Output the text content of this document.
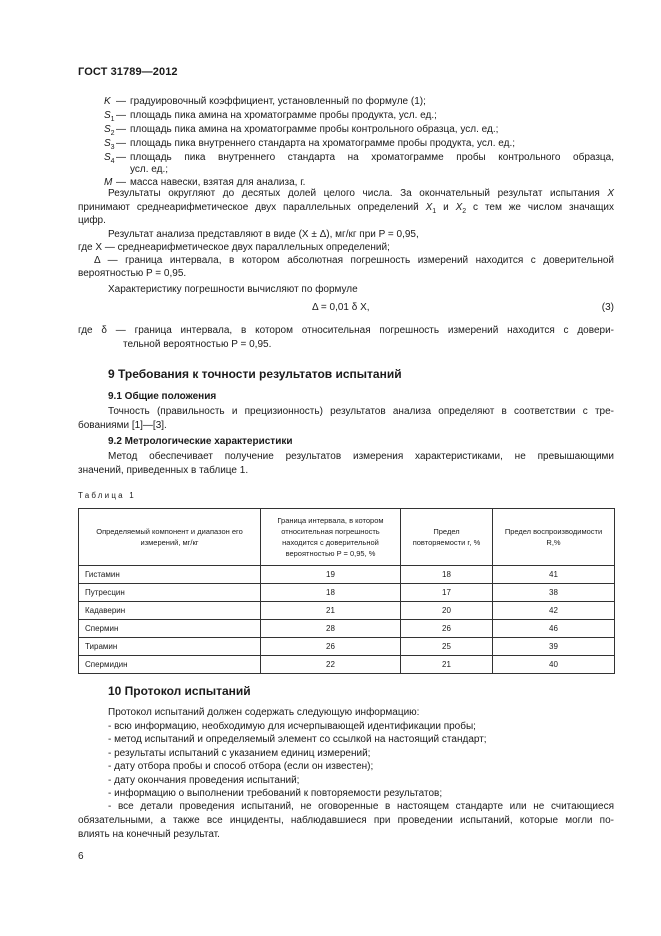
ГОСТ 31789—2012
K — градуировочный коэффициент, установленный по формуле (1);
$S_1$ — площадь пика амина на хроматограмме пробы продукта, усл. ед.;
$S_2$ — площадь пика амина на хроматограмме пробы контрольного образца, усл. ед.;
$S_3$ — площадь пика внутреннего стандарта на хроматограмме пробы продукта, усл. ед.;
$S_4$ — площадь пика внутреннего стандарта на хроматограмме пробы контрольного образца,
усл. ед.;
M — масса навески, взятая для анализа, г.
Результаты округляют до десятых долей целого числа. За окончательный результат испытания X
принимают среднеарифметическое двух параллельных определений $X_1$ и $X_2$ с тем же числом значащих
цифр.
Результат анализа представляют в виде (X ± Δ), мг/кг при P = 0,95,
где X — среднеарифметическое двух параллельных определений;
Δ — граница интервала, в котором абсолютная погрешность измерений находится с доверительной
вероятностью P = 0,95.
Характеристику погрешности вычисляют по формуле
Δ = 0,01 δ X,	(3)
где δ — граница интервала, в котором относительная погрешность измерений находится с довери-
тельной вероятностью P = 0,95.
9 Требования к точности результатов испытаний
9.1 Общие положения
Точность (правильность и прецизионность) результатов анализа определяют в соответствии с тре-
бованиями [1]—[3].
9.2 Метрологические характеристики
Метод обеспечивает получение результатов измерения характеристиками, не превышающими
значений, приведенных в таблице 1.
Таблица 1
Определяемый компонент и диапазон его измерений, мг/кг	Граница интервала, в котором относительная погрешность находится с доверительной вероятностью P = 0,95, %	Предел повторяемости r, %	Предел воспроизводимости R,%
Гистамин	19	18	41
Путресцин	18	17	38
Кадаверин	21	20	42
Спермин	28	26	46
Тирамин	26	25	39
Спермидин	22	21	40
10 Протокол испытаний
Протокол испытаний должен содержать следующую информацию:
- всю информацию, необходимую для исчерпывающей идентификации пробы;
- метод испытаний и определяемый элемент со ссылкой на настоящий стандарт;
- результаты испытаний с указанием единиц измерений;
- дату отбора пробы и способ отбора (если он известен);
- дату окончания проведения испытаний;
- информацию о выполнении требований к повторяемости результатов;
- все детали проведения испытаний, не оговоренные в настоящем стандарте или не считающиеся
обязательными, а также все инциденты, наблюдавшиеся при проведении испытаний, которые могли по-
влиять на конечный результат.
6
